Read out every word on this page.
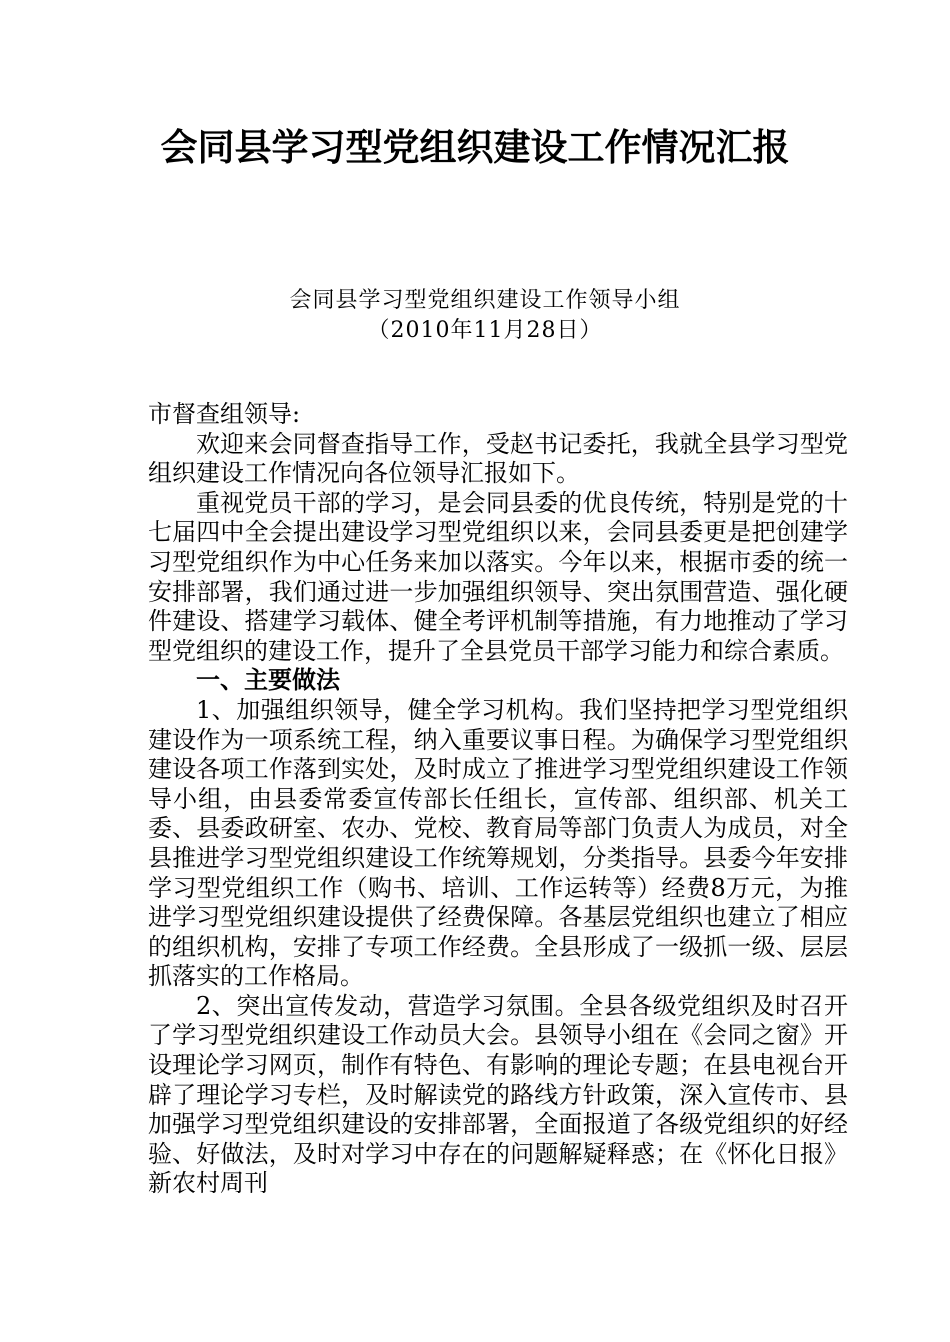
会同县学习型党组织建设工作情况汇报
会同县学习型党组织建设工作领导小组
（2010年11月28日）

市督查组领导:

欢迎来会同督查指导工作，受赵书记委托，我就全县学习型党组织建设工作情况向各位领导汇报如下。

重视党员干部的学习，是会同县委的优良传统，特别是党的十七届四中全会提出建设学习型党组织以来，会同县委更是把创建学习型党组织作为中心任务来加以落实。今年以来，根据市委的统一安排部署，我们通过进一步加强组织领导、突出氛围营造、强化硬件建设、搭建学习载体、健全考评机制等措施，有力地推动了学习型党组织的建设工作，提升了全县党员干部学习能力和综合素质。

一、主要做法

1、加强组织领导，健全学习机构。我们坚持把学习型党组织建设作为一项系统工程，纳入重要议事日程。为确保学习型党组织建设各项工作落到实处，及时成立了推进学习型党组织建设工作领导小组，由县委常委宣传部长任组长，宣传部、组织部、机关工委、县委政研室、农办、党校、教育局等部门负责人为成员，对全县推进学习型党组织建设工作统筹规划，分类指导。县委今年安排学习型党组织工作（购书、培训、工作运转等）经费8万元，为推进学习型党组织建设提供了经费保障。各基层党组织也建立了相应的组织机构，安排了专项工作经费。全县形成了一级抓一级、层层抓落实的工作格局。

2、突出宣传发动，营造学习氛围。全县各级党组织及时召开了学习型党组织建设工作动员大会。县领导小组在《会同之窗》开设理论学习网页，制作有特色、有影响的理论专题；在县电视台开辟了理论学习专栏，及时解读党的路线方针政策，深入宣传市、县加强学习型党组织建设的安排部署，全面报道了各级党组织的好经验、好做法，及时对学习中存在的问题解疑释惑；在《怀化日报》新农村周刊
